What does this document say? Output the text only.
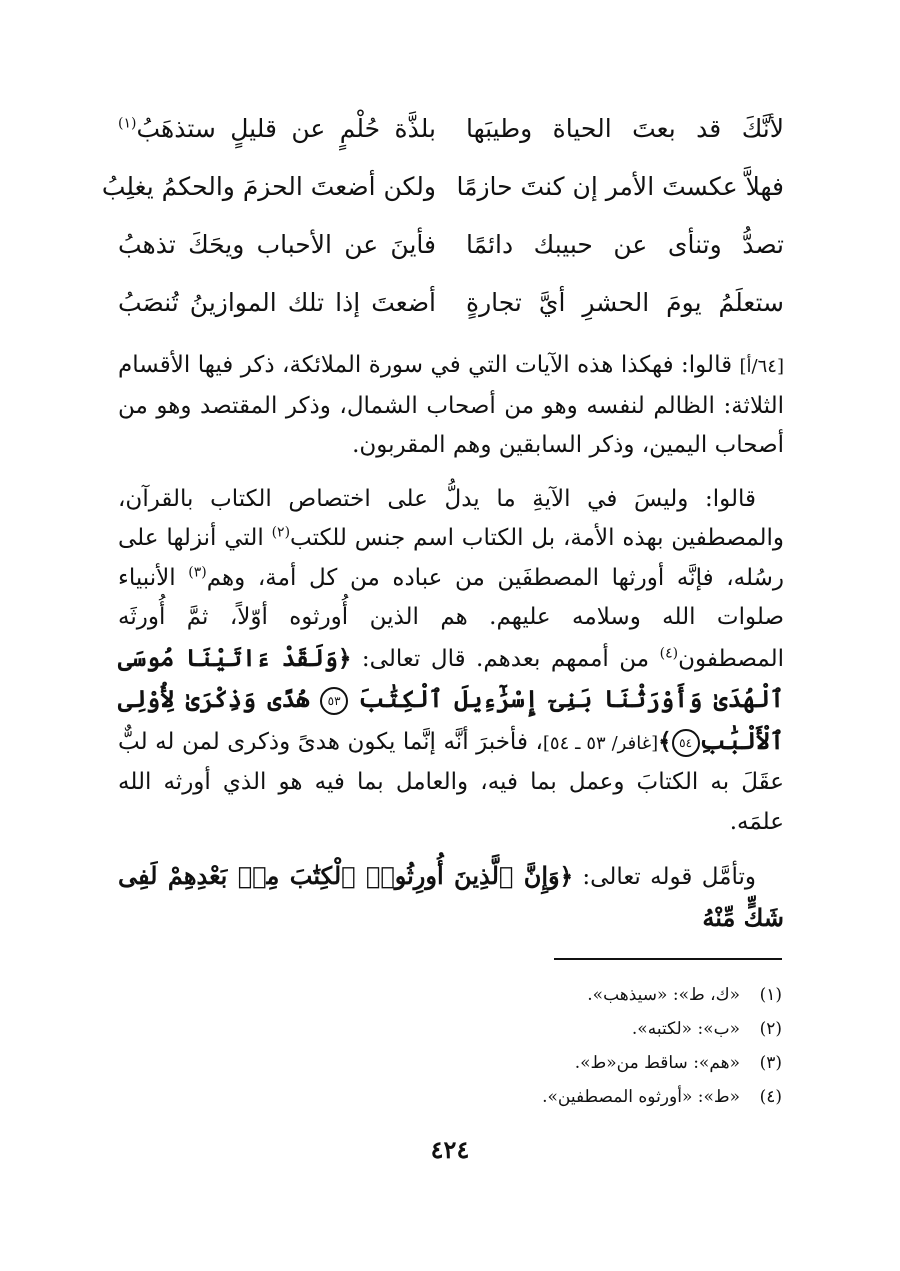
لأنَّكَ قد بعتَ الحياة وطيبَها
بلذَّة حُلْمٍ عن قليلٍ ستذهَبُ$^{(١)}$
فهلاَّ عكستَ الأمر إن كنتَ حازمًا
ولكن أضعتَ الحزمَ والحكمُ يغلِبُ
تصدُّ وتنأى عن حبيبك دائمًا
فأينَ عن الأحباب ويحَكَ تذهبُ
ستعلَمُ يومَ الحشرِ أيَّ تجارةٍ
أضعتَ إذا تلك الموازينُ تُنصَبُ

[٦٤/أ] قالوا: فهكذا هذه الآيات التي في سورة الملائكة، ذكر فيها الأقسام الثلاثة: الظالم لنفسه وهو من أصحاب الشمال، وذكر المقتصد وهو من أصحاب اليمين، وذكر السابقين وهم المقربون.

قالوا: وليسَ في الآيةِ ما يدلُّ على اختصاص الكتاب بالقرآن، والمصطفين بهذه الأمة، بل الكتاب اسم جنس للكتب$^{(٢)}$ التي أنزلها على رسُله، فإنَّه أورثها المصطفَين من عباده من كل أمة، وهم$^{(٣)}$ الأنبياء صلوات الله وسلامه عليهم. هم الذين أُورثوه أوّلاً، ثمَّ أُورثَه المصطفون$^{(٤)}$ من أممهم بعدهم. قال تعالى: ﴿وَلَقَدْ ءَاتَيْنَا مُوسَى ٱلْهُدَىٰ وَأَوْرَثْنَا بَنِىٓ إِسْرَٰٓءِيلَ ٱلْكِتَٰبَ ٥٣ هُدًى وَذِكْرَىٰ لِأُوْلِى ٱلْأَلْبَٰبِ٥٤﴾[غافر/ ٥٣ ـ ٥٤]، فأخبرَ أنَّه إنَّما يكون هدىً وذكرى لمن له لبٌّ عقَلَ به الكتابَ وعمل بما فيه، والعامل بما فيه هو الذي أورثه الله علمَه.

وتأمَّل قوله تعالى: ﴿وَإِنَّ ٱلَّذِينَ أُورِثُوا۟ ٱلْكِتَٰبَ مِنۢ بَعْدِهِمْ لَفِى شَكٍّ مِّنْهُ

(١)
«ك، ط»: «سيذهب».
(٢)
«ب»: «لكتبه».
(٣)
«هم»: ساقط من«ط».
(٤)
«ط»: «أورثوه المصطفين».
٤٢٤
